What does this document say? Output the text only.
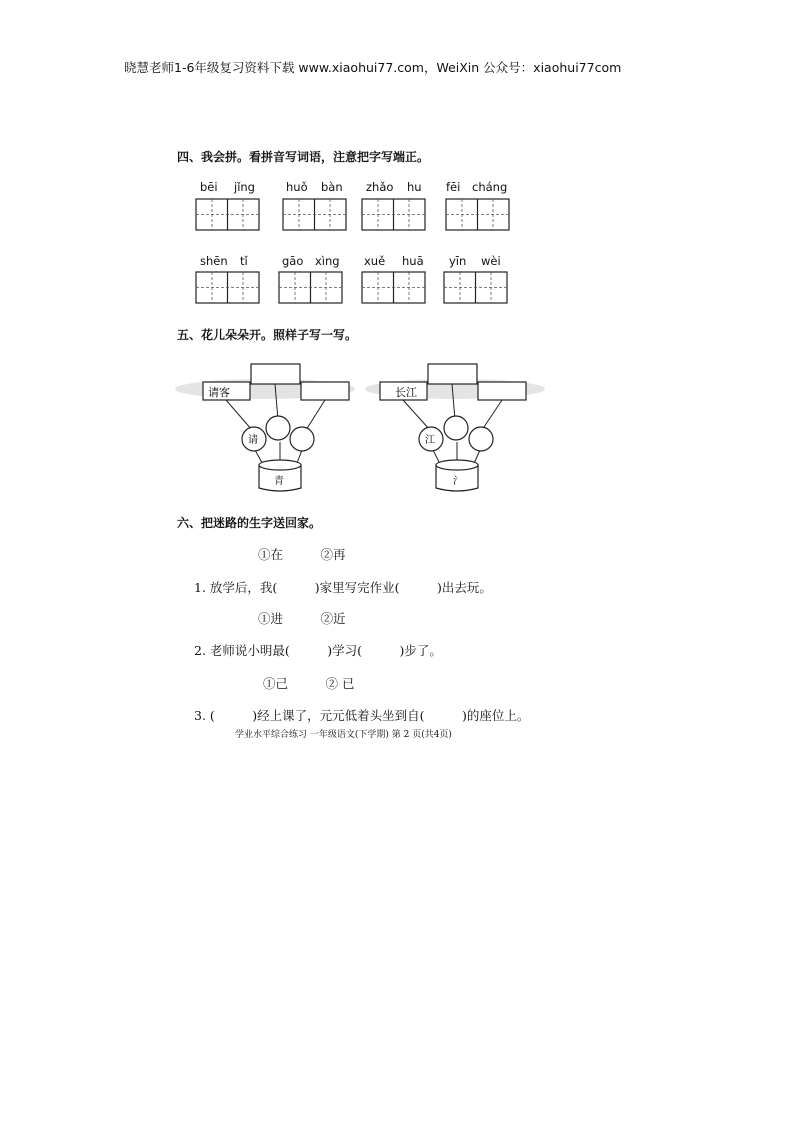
晓慧老师1-6年级复习资料下载 www.xiaohui77.com，WeiXin 公众号：xiaohui77com
四、我会拼。看拼音写词语，注意把字写端正。
bēi jǐng	huǒ bàn zhǎo hu fēi cháng
shēn tǐ	gāo xìng xuě huā yīn wèi
五、花儿朵朵开。照样子写一写。
请客
请
青
长江
江
氵
六、把迷路的生字送回家。
①在　　　②再
1. 放学后，我(　　　)家里写完作业(　　　)出去玩。
①进　　　②近
2. 老师说小明最(　　　)学习(　　　)步了。
①己　　　② 已
3. (　　　)经上课了，元元低着头坐到自(　　　)的座位上。
学业水平综合练习 一年级语文(下学期) 第 2 页(共4页)
